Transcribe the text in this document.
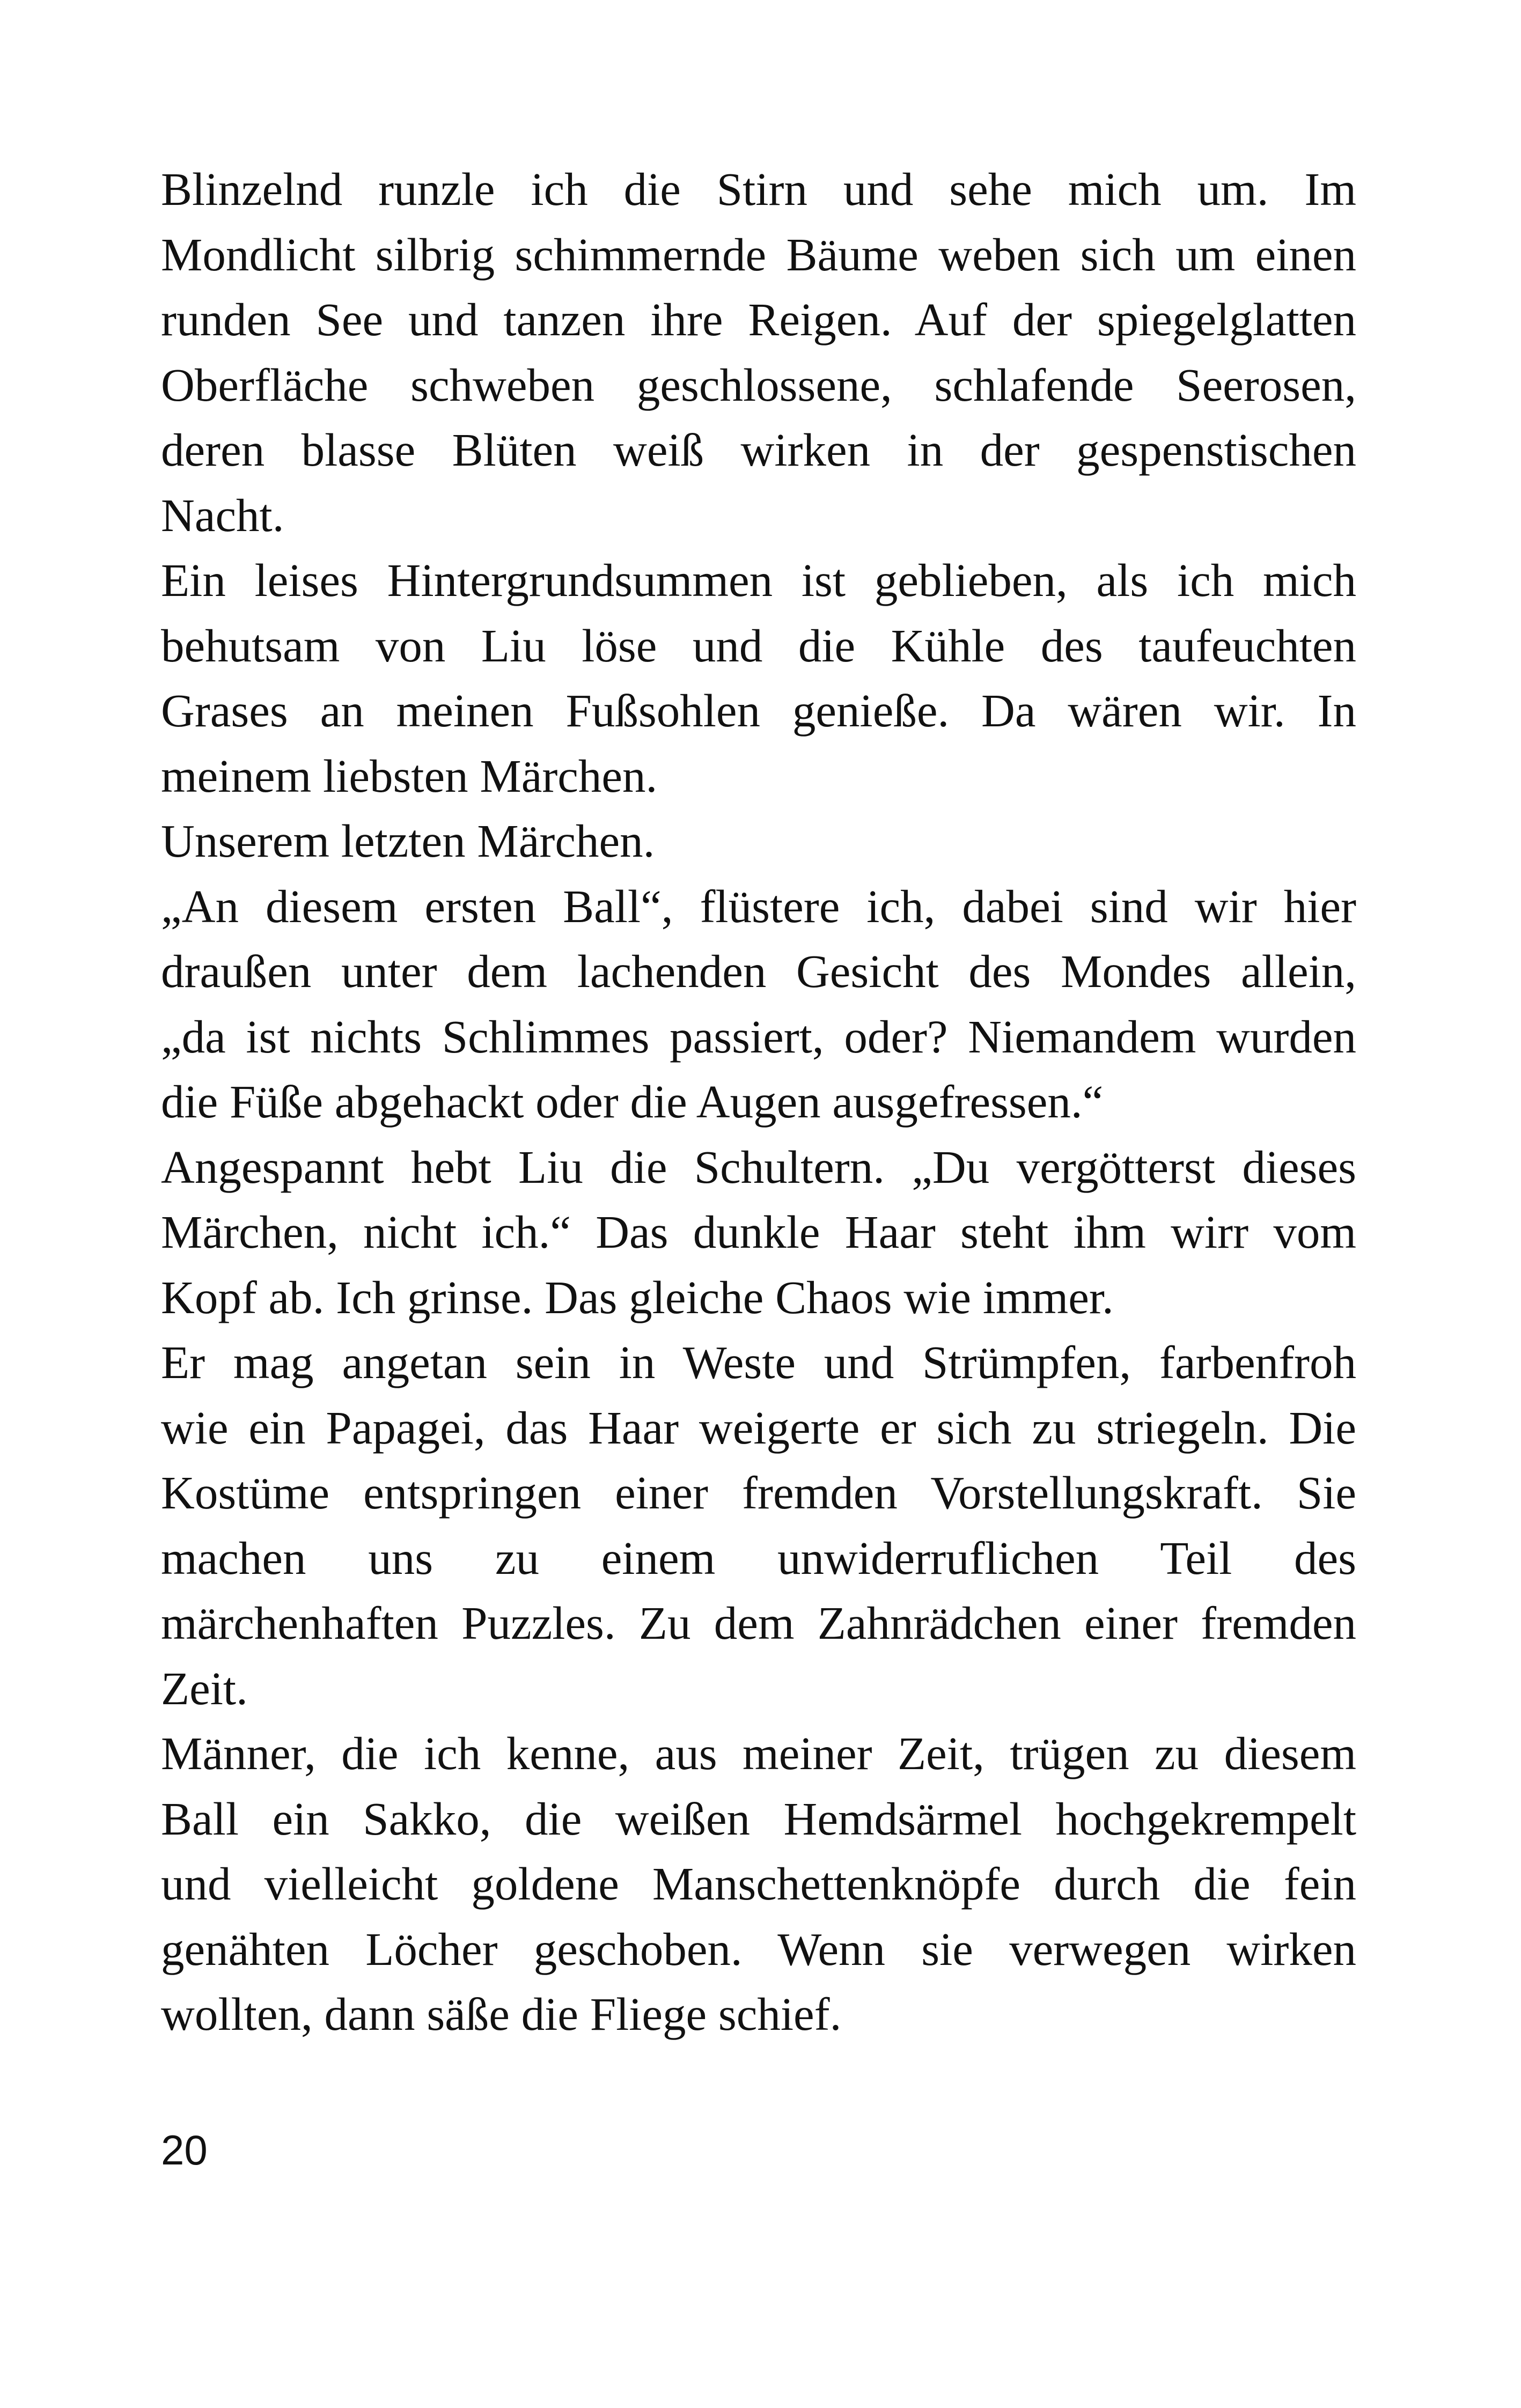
Blinzelnd runzle ich die Stirn und sehe mich um. Im
Mondlicht silbrig schimmernde Bäume weben sich um einen
runden See und tanzen ihre Reigen. Auf der spiegelglatten
Oberfläche schweben geschlossene, schlafende Seerosen,
deren blasse Blüten weiß wirken in der gespenstischen
Nacht.

Ein leises Hintergrundsummen ist geblieben, als ich mich
behutsam von Liu löse und die Kühle des taufeuchten
Grases an meinen Fußsohlen genieße. Da wären wir. In
meinem liebsten Märchen.

Unserem letzten Märchen.

„An diesem ersten Ball“, flüstere ich, dabei sind wir hier
draußen unter dem lachenden Gesicht des Mondes allein,
„da ist nichts Schlimmes passiert, oder? Niemandem wurden
die Füße abgehackt oder die Augen ausgefressen.“

Angespannt hebt Liu die Schultern. „Du vergötterst dieses
Märchen, nicht ich.“ Das dunkle Haar steht ihm wirr vom
Kopf ab. Ich grinse. Das gleiche Chaos wie immer.

Er mag angetan sein in Weste und Strümpfen, farbenfroh
wie ein Papagei, das Haar weigerte er sich zu striegeln. Die
Kostüme entspringen einer fremden Vorstellungskraft. Sie
machen uns zu einem unwiderruflichen Teil des
märchenhaften Puzzles. Zu dem Zahnrädchen einer fremden
Zeit.

Männer, die ich kenne, aus meiner Zeit, trügen zu diesem
Ball ein Sakko, die weißen Hemdsärmel hochgekrempelt
und vielleicht goldene Manschettenknöpfe durch die fein
genähten Löcher geschoben. Wenn sie verwegen wirken
wollten, dann säße die Fliege schief.

20
